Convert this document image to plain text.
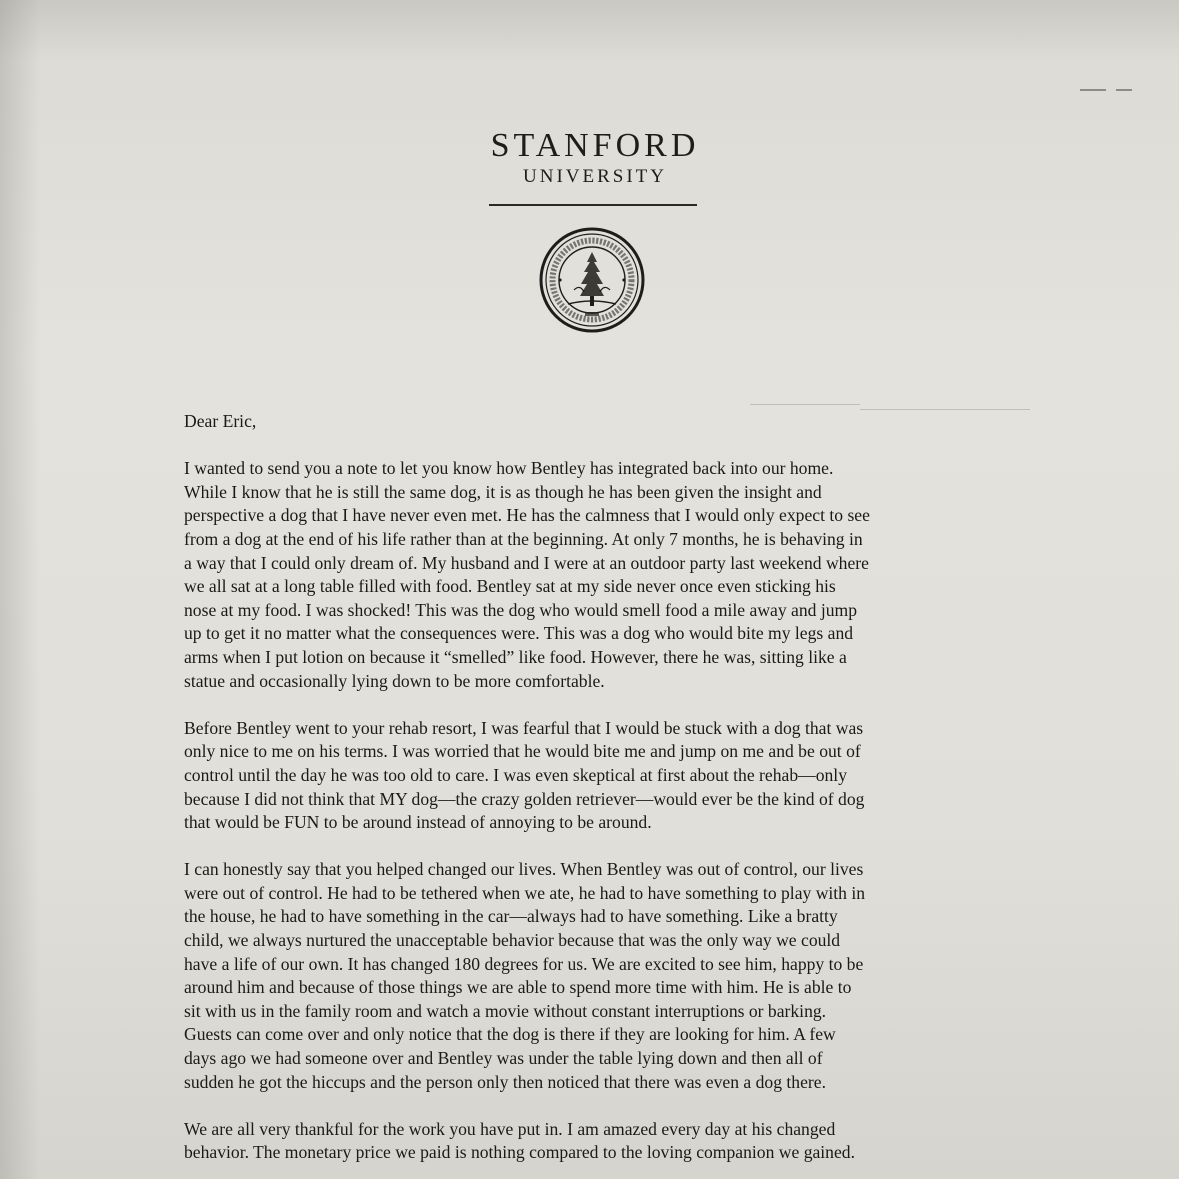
STANFORD
UNIVERSITY
Dear Eric,
I wanted to send you a note to let you know how Bentley has integrated back into our home.
While I know that he is still the same dog, it is as though he has been given the insight and
perspective a dog that I have never even met. He has the calmness that I would only expect to see
from a dog at the end of his life rather than at the beginning. At only 7 months, he is behaving in
a way that I could only dream of. My husband and I were at an outdoor party last weekend where
we all sat at a long table filled with food. Bentley sat at my side never once even sticking his
nose at my food. I was shocked! This was the dog who would smell food a mile away and jump
up to get it no matter what the consequences were. This was a dog who would bite my legs and
arms when I put lotion on because it “smelled” like food. However, there he was, sitting like a
statue and occasionally lying down to be more comfortable.
Before Bentley went to your rehab resort, I was fearful that I would be stuck with a dog that was
only nice to me on his terms. I was worried that he would bite me and jump on me and be out of
control until the day he was too old to care. I was even skeptical at first about the rehab—only
because I did not think that MY dog—the crazy golden retriever—would ever be the kind of dog
that would be FUN to be around instead of annoying to be around.
I can honestly say that you helped changed our lives. When Bentley was out of control, our lives
were out of control. He had to be tethered when we ate, he had to have something to play with in
the house, he had to have something in the car—always had to have something. Like a bratty
child, we always nurtured the unacceptable behavior because that was the only way we could
have a life of our own. It has changed 180 degrees for us. We are excited to see him, happy to be
around him and because of those things we are able to spend more time with him. He is able to
sit with us in the family room and watch a movie without constant interruptions or barking.
Guests can come over and only notice that the dog is there if they are looking for him. A few
days ago we had someone over and Bentley was under the table lying down and then all of
sudden he got the hiccups and the person only then noticed that there was even a dog there.
We are all very thankful for the work you have put in. I am amazed every day at his changed
behavior. The monetary price we paid is nothing compared to the loving companion we gained.
